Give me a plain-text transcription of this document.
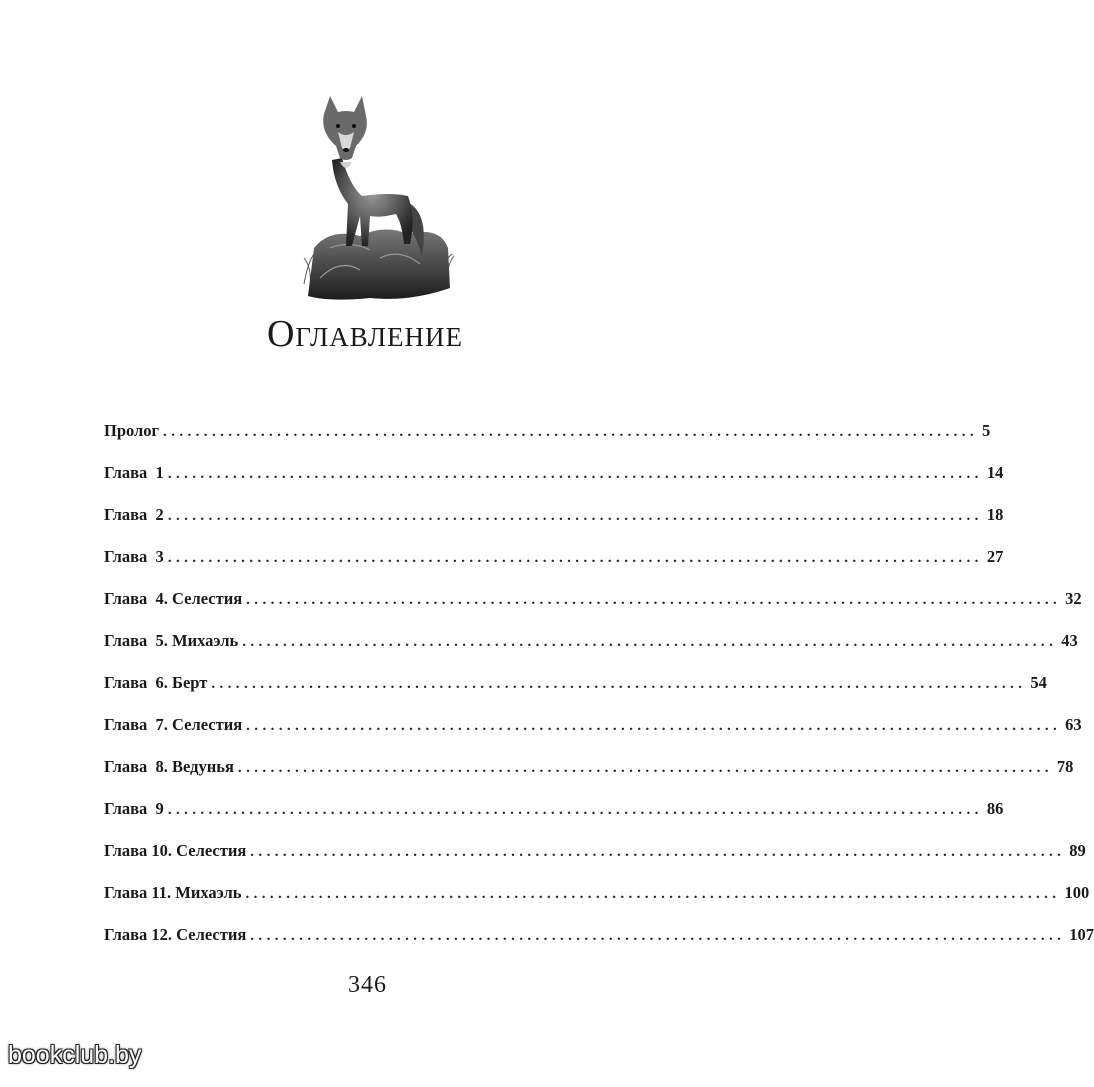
Оглавление
Пролог .................................................................................................... 5
Глава  1 .................................................................................................... 14
Глава  2 .................................................................................................... 18
Глава  3 .................................................................................................... 27
Глава  4. Селестия .................................................................................................... 32
Глава  5. Михаэль .................................................................................................... 43
Глава  6. Берт .................................................................................................... 54
Глава  7. Селестия .................................................................................................... 63
Глава  8. Ведунья .................................................................................................... 78
Глава  9 .................................................................................................... 86
Глава 10. Селестия .................................................................................................... 89
Глава 11. Михаэль .................................................................................................... 100
Глава 12. Селестия .................................................................................................... 107
346
bookclub.by
